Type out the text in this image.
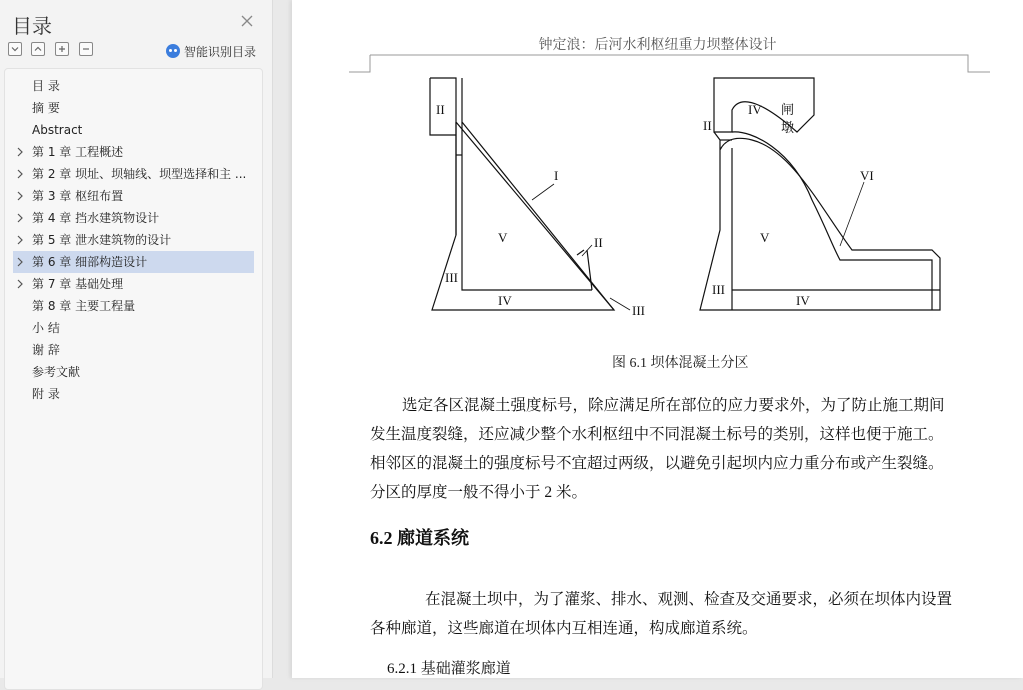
目录
智能识别目录
目 录
摘 要
Abstract
第 1 章 工程概述
第 2 章 坝址、坝轴线、坝型选择和主 ...
第 3 章 枢纽布置
第 4 章 挡水建筑物设计
第 5 章 泄水建筑物的设计
第 6 章 细部构造设计
第 7 章 基础处理
第 8 章 主要工程量
小 结
谢 辞
参考文献
附 录
钟定浪：后河水利枢纽重力坝整体设计
II
I
II
V
III
IV
III
IV 闸
墩
II
VI
V
III
IV
图 6.1 坝体混凝土分区
选定各区混凝土强度标号，除应满足所在部位的应力要求外，为了防止施工期间
发生温度裂缝，还应减少整个水利枢纽中不同混凝土标号的类别，这样也便于施工。
相邻区的混凝土的强度标号不宜超过两级，以避免引起坝内应力重分布或产生裂缝。
分区的厚度一般不得小于 2 米。
6.2 廊道系统
在混凝土坝中，为了灌浆、排水、观测、检查及交通要求，必须在坝体内设置
各种廊道，这些廊道在坝体内互相连通，构成廊道系统。
6.2.1 基础灌浆廊道
